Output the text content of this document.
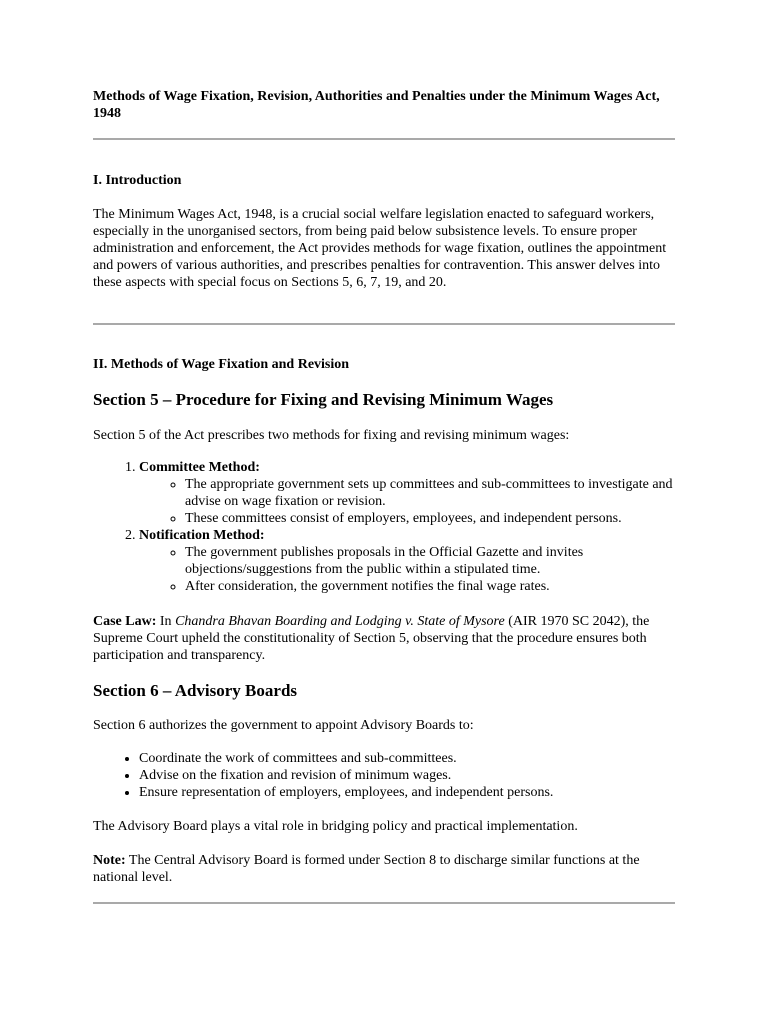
Methods of Wage Fixation, Revision, Authorities and Penalties under the Minimum Wages Act, 1948

I. Introduction

The Minimum Wages Act, 1948, is a crucial social welfare legislation enacted to safeguard workers, especially in the unorganised sectors, from being paid below subsistence levels. To ensure proper administration and enforcement, the Act provides methods for wage fixation, outlines the appointment and powers of various authorities, and prescribes penalties for contravention. This answer delves into these aspects with special focus on Sections 5, 6, 7, 19, and 20.

II. Methods of Wage Fixation and Revision

Section 5 – Procedure for Fixing and Revising Minimum Wages

Section 5 of the Act prescribes two methods for fixing and revising minimum wages:

1. Committee Method:
◦ The appropriate government sets up committees and sub-committees to investigate and advise on wage fixation or revision.
◦ These committees consist of employers, employees, and independent persons.
2. Notification Method:
◦ The government publishes proposals in the Official Gazette and invites objections/suggestions from the public within a stipulated time.
◦ After consideration, the government notifies the final wage rates.

Case Law: In Chandra Bhavan Boarding and Lodging v. State of Mysore (AIR 1970 SC 2042), the Supreme Court upheld the constitutionality of Section 5, observing that the procedure ensures both participation and transparency.

Section 6 – Advisory Boards

Section 6 authorizes the government to appoint Advisory Boards to:

• Coordinate the work of committees and sub-committees.
• Advise on the fixation and revision of minimum wages.
• Ensure representation of employers, employees, and independent persons.

The Advisory Board plays a vital role in bridging policy and practical implementation.

Note: The Central Advisory Board is formed under Section 8 to discharge similar functions at the national level.
